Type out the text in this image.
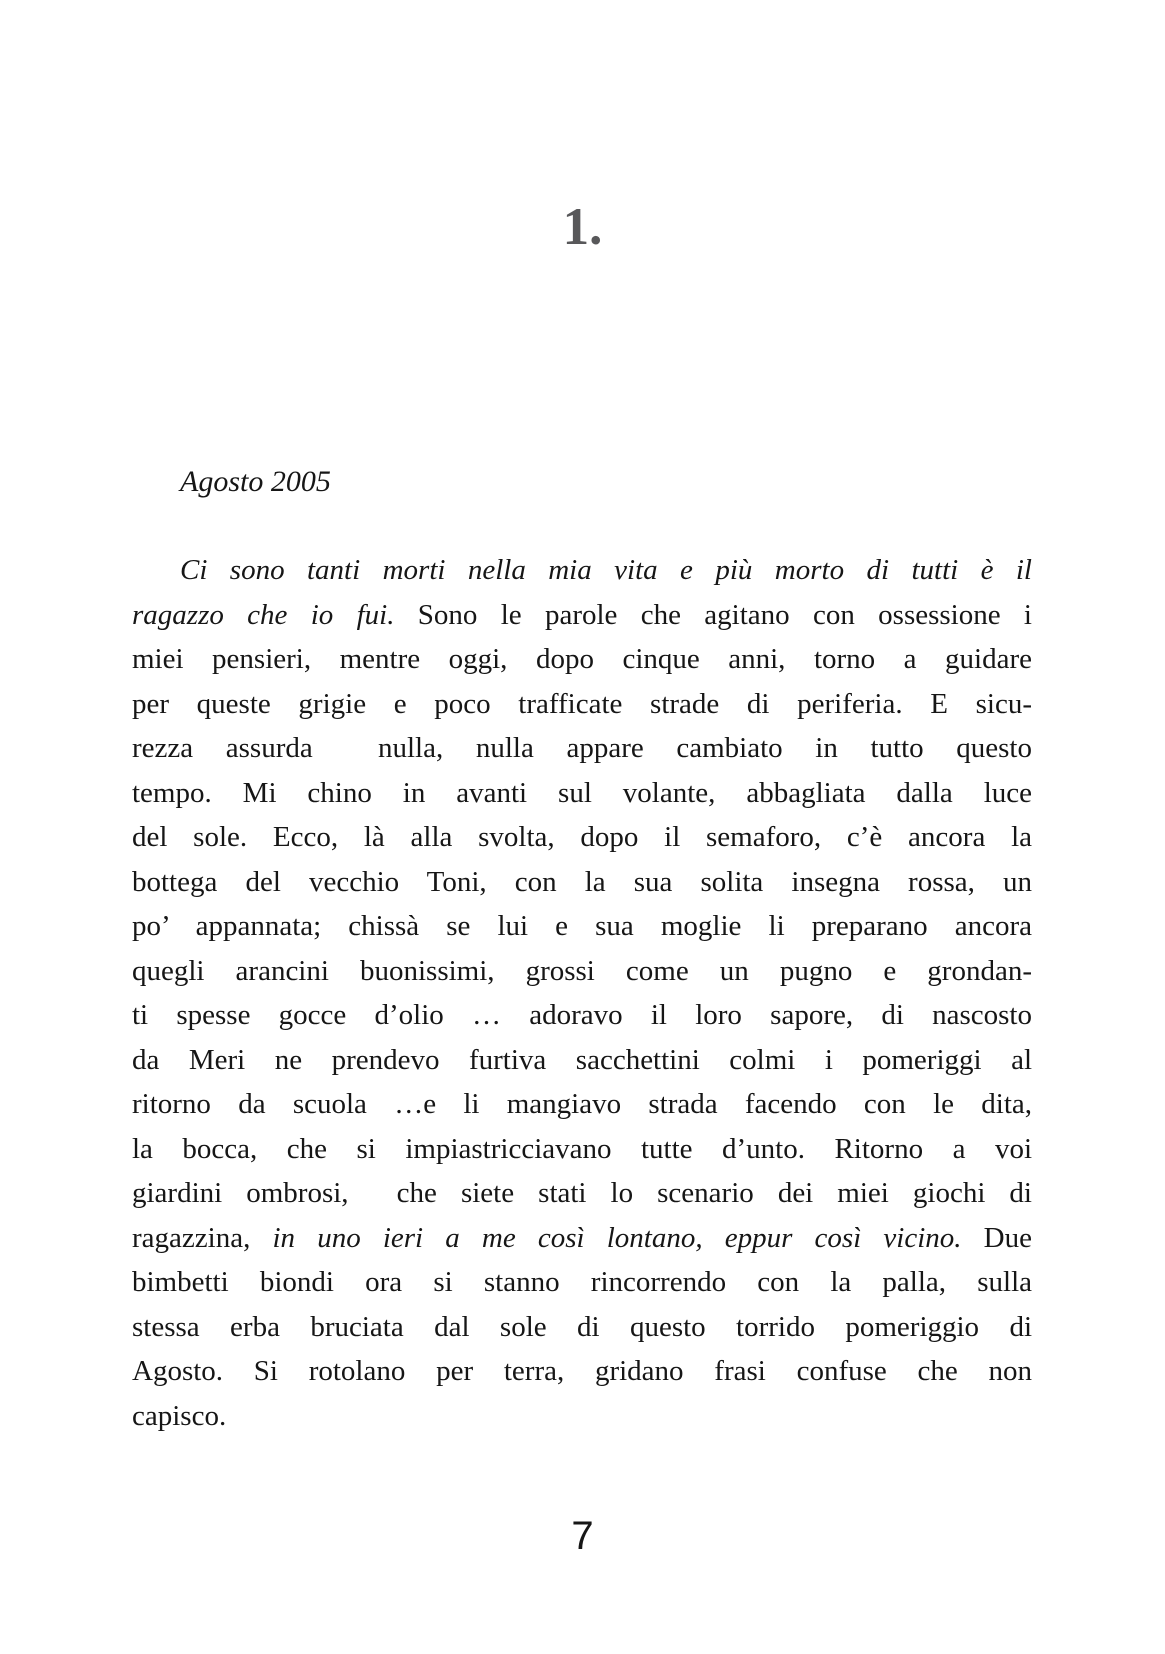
1.
Agosto 2005
Ci sono tanti morti nella mia vita e più morto di tutti è il
ragazzo che io fui. Sono le parole che agitano con ossessione i
miei pensieri, mentre oggi, dopo cinque anni, torno a guidare
per queste grigie e poco trafficate strade di periferia. E sicu-
rezza assurda  nulla, nulla appare cambiato in tutto questo
tempo. Mi chino in avanti sul volante, abbagliata dalla luce
del sole. Ecco, là alla svolta, dopo il semaforo, c’è ancora la
bottega del vecchio Toni, con la sua solita insegna rossa, un
po’ appannata; chissà se lui e sua moglie li preparano ancora
quegli arancini buonissimi, grossi come un pugno e grondan-
ti spesse gocce d’olio … adoravo il loro sapore, di nascosto
da Meri ne prendevo furtiva sacchettini colmi i pomeriggi al
ritorno da scuola …e li mangiavo strada facendo con le dita,
la bocca, che si impiastricciavano tutte d’unto. Ritorno a voi
giardini ombrosi,  che siete stati lo scenario dei miei giochi di
ragazzina, in uno ieri a me così lontano, eppur così vicino. Due
bimbetti biondi ora si stanno rincorrendo con la palla, sulla
stessa erba bruciata dal sole di questo torrido pomeriggio di
Agosto. Si rotolano per terra, gridano frasi confuse che non
capisco.
7
